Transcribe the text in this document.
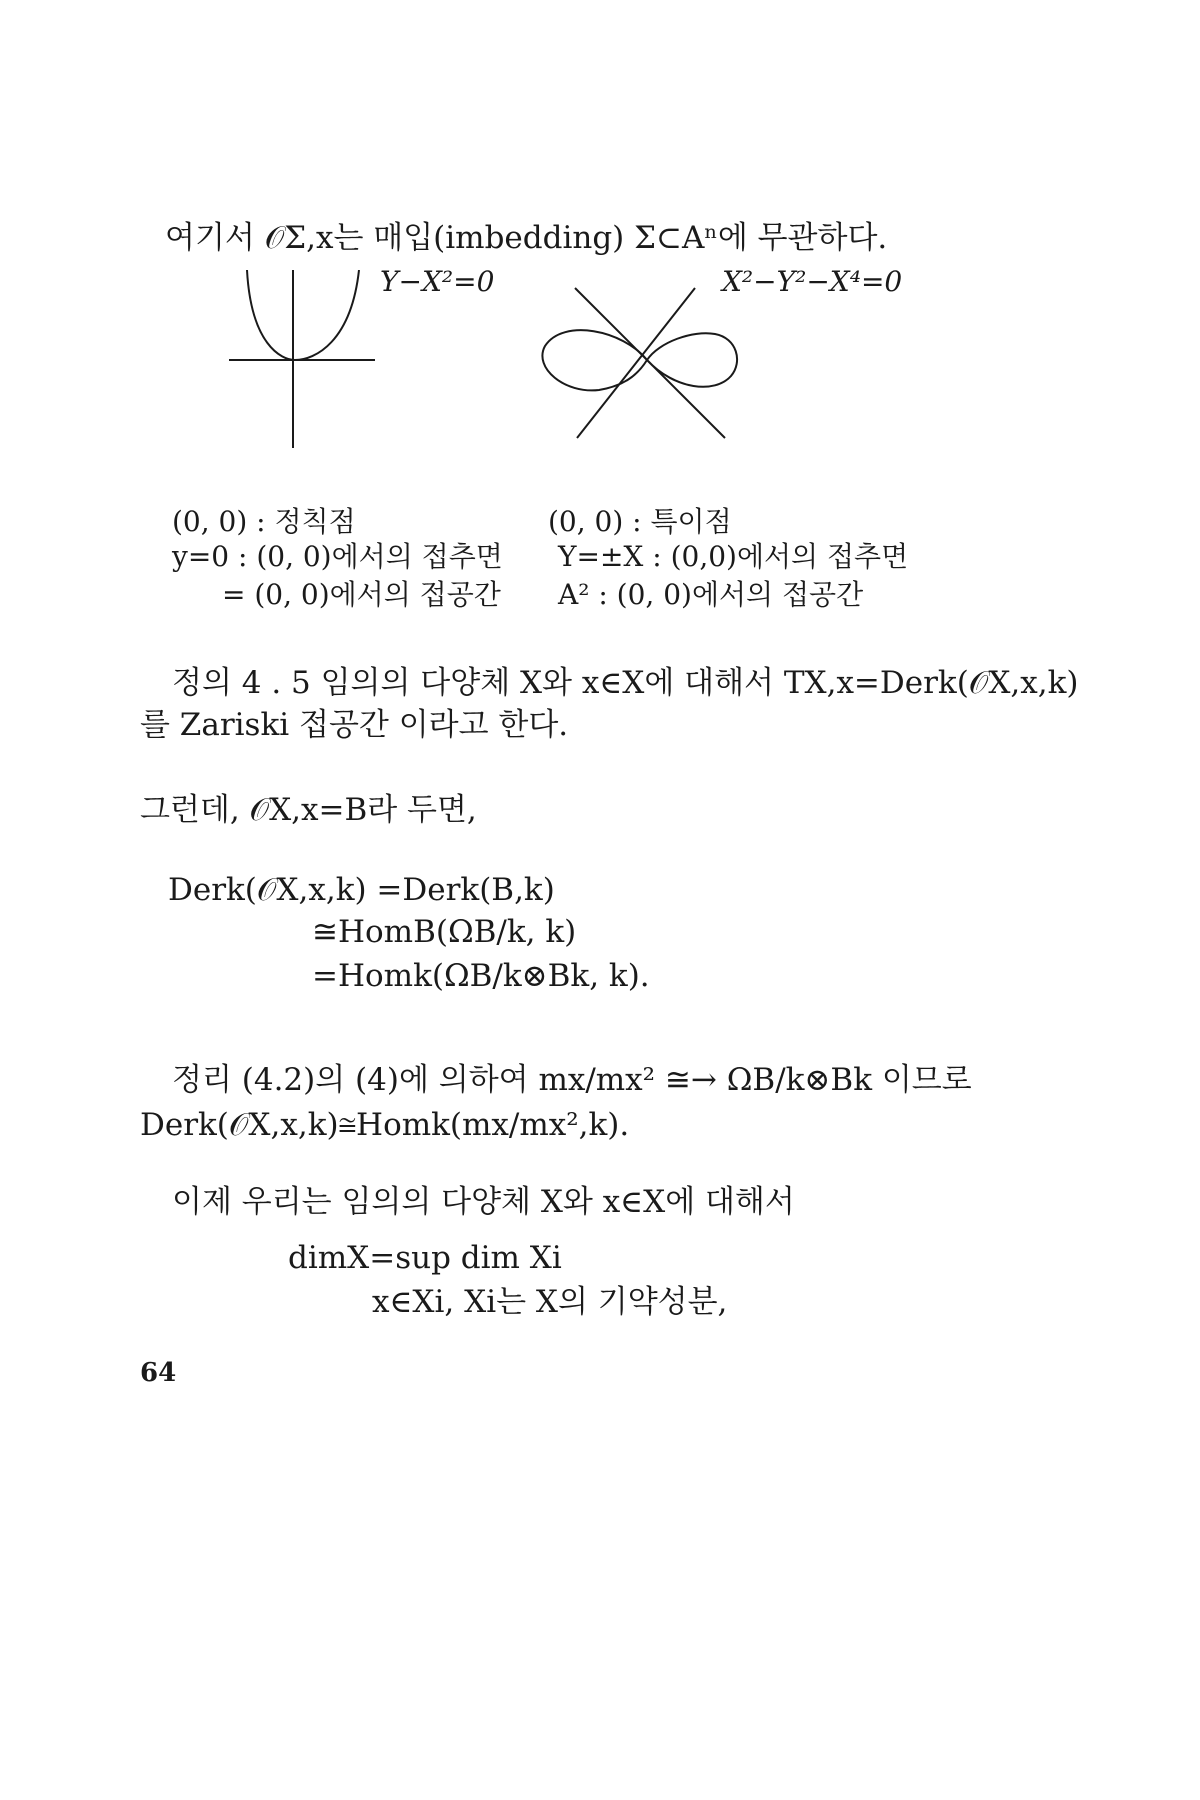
여기서 𝒪Σ,x는 매입(imbedding) Σ⊂Aⁿ에 무관하다.
Y−X²=0	X²−Y²−X⁴=0
(0, 0) : 정칙점
y=0 : (0, 0)에서의 접추면
= (0, 0)에서의 접공간
(0, 0) : 특이점
Y=±X : (0,0)에서의 접추면
A² : (0, 0)에서의 접공간
정의 4 . 5 임의의 다양체 X와 x∈X에 대해서 TX,x=Derk(𝒪X,x,k)
를 Zariski 접공간 이라고 한다.
그런데, 𝒪X,x=B라 두면,
Derk(𝒪X,x,k) =Derk(B,k)
≅HomB(ΩB/k, k)
=Homk(ΩB/k⊗Bk, k).
정리 (4.2)의 (4)에 의하여 mx/mx² ≅→ ΩB/k⊗Bk 이므로
Derk(𝒪X,x,k)≅Homk(mx/mx²,k).
이제 우리는 임의의 다양체 X와 x∈X에 대해서
dimX=sup dim Xi
x∈Xi, Xi는 X의 기약성분,
64
